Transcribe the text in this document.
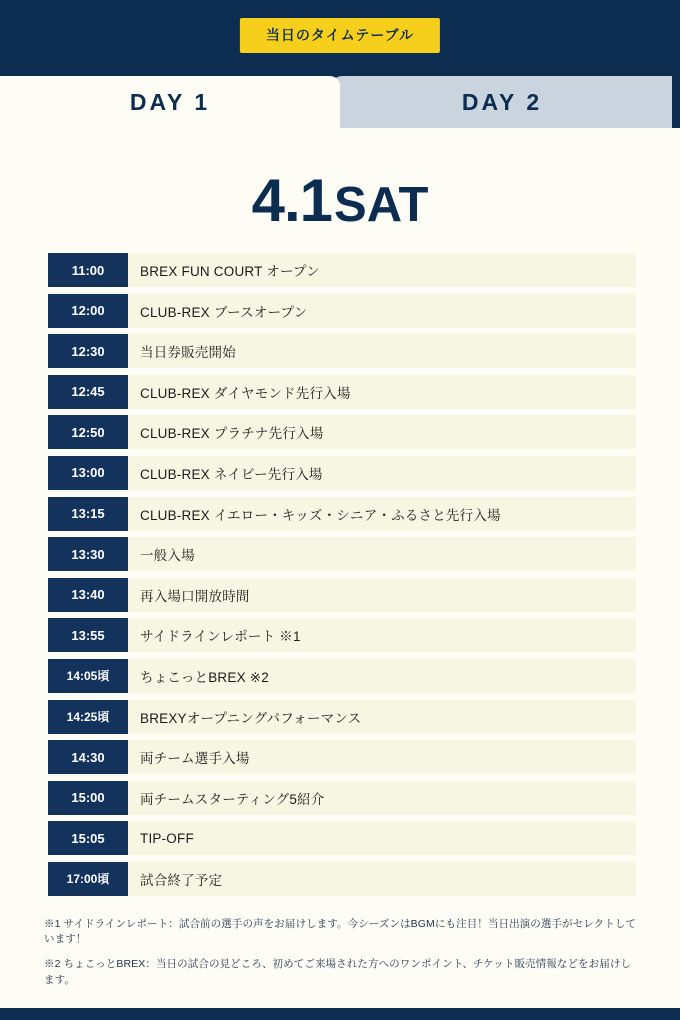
当日のタイムテーブル
DAY 1	DAY 2
4.1SAT
11:00	BREX FUN COURT オープン
12:00	CLUB-REX ブースオープン
12:30	当日券販売開始
12:45	CLUB-REX ダイヤモンド先行入場
12:50	CLUB-REX プラチナ先行入場
13:00	CLUB-REX ネイビー先行入場
13:15	CLUB-REX イエロー・キッズ・シニア・ふるさと先行入場
13:30	一般入場
13:40	再入場口開放時間
13:55	サイドラインレポート ※1
14:05頃	ちょこっとBREX ※2
14:25頃	BREXYオープニングパフォーマンス
14:30	両チーム選手入場
15:00	両チームスターティング5紹介
15:05	TIP-OFF
17:00頃	試合終了予定
※1 サイドラインレポート：試合前の選手の声をお届けします。今シーズンはBGMにも注目！当日出演の選手がセレクトしています！
※2 ちょこっとBREX：当日の試合の見どころ、初めてご来場された方へのワンポイント、チケット販売情報などをお届けします。
